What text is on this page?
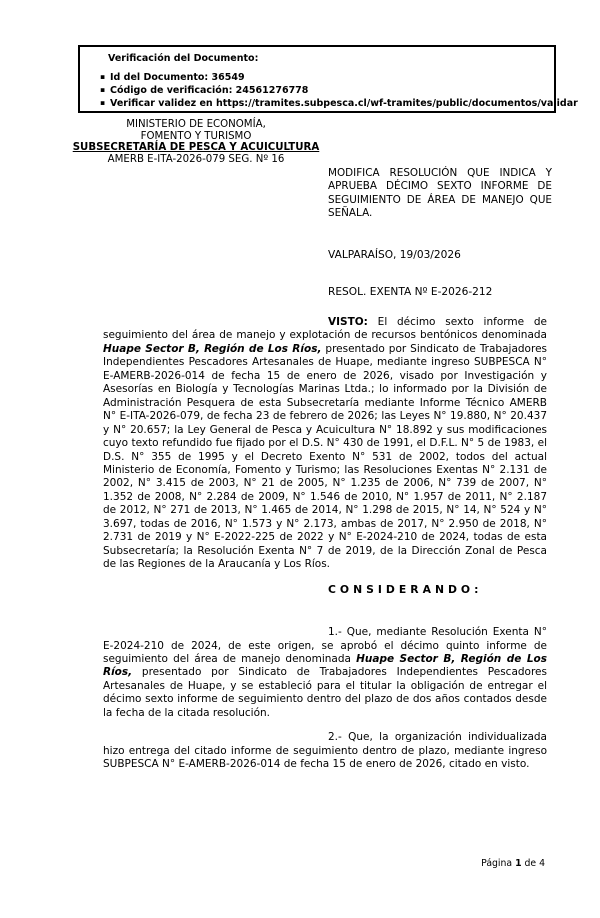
Verificación del Documento:
▪ Id del Documento: 36549
▪ Código de verificación: 24561276778
▪ Verificar validez en https://tramites.subpesca.cl/wf-tramites/public/documentos/validar
MINISTERIO DE ECONOMÍA,
FOMENTO Y TURISMO
SUBSECRETARÍA DE PESCA Y ACUICULTURA
AMERB E-ITA-2026-079 SEG. Nº 16
MODIFICA RESOLUCIÓN QUE INDICA Y APRUEBA DÉCIMO SEXTO INFORME DE SEGUIMIENTO DE ÁREA DE MANEJO QUE SEÑALA.
VALPARAÍSO, 19/03/2026
RESOL. EXENTA Nº E-2026-212

VISTO: El décimo sexto informe de seguimiento del área de manejo y explotación de recursos bentónicos denominada Huape Sector B, Región de Los Ríos, presentado por Sindicato de Trabajadores Independientes Pescadores Artesanales de Huape, mediante ingreso SUBPESCA N° E-AMERB-2026-014 de fecha 15 de enero de 2026, visado por Investigación y Asesorías en Biología y Tecnologías Marinas Ltda.; lo informado por la División de Administración Pesquera de esta Subsecretaría mediante Informe Técnico AMERB N° E-ITA-2026-079, de fecha 23 de febrero de 2026; las Leyes N° 19.880, N° 20.437 y N° 20.657; la Ley General de Pesca y Acuicultura N° 18.892 y sus modificaciones cuyo texto refundido fue fijado por el D.S. N° 430 de 1991, el D.F.L. N° 5 de 1983, el D.S. N° 355 de 1995 y el Decreto Exento N° 531 de 2002, todos del actual Ministerio de Economía, Fomento y Turismo; las Resoluciones Exentas N° 2.131 de 2002, N° 3.415 de 2003, N° 21 de 2005, N° 1.235 de 2006, N° 739 de 2007, N° 1.352 de 2008, N° 2.284 de 2009, N° 1.546 de 2010, N° 1.957 de 2011, N° 2.187 de 2012, N° 271 de 2013, N° 1.465 de 2014, N° 1.298 de 2015, N° 14, N° 524 y N° 3.697, todas de 2016, N° 1.573 y N° 2.173, ambas de 2017, N° 2.950 de 2018, N° 2.731 de 2019 y N° E-2022-225 de 2022 y N° E-2024-210 de 2024, todas de esta Subsecretaría; la Resolución Exenta N° 7 de 2019, de la Dirección Zonal de Pesca de las Regiones de la Araucanía y Los Ríos.

CONSIDERANDO:

1.- Que, mediante Resolución Exenta N° E-2024-210 de 2024, de este origen, se aprobó el décimo quinto informe de seguimiento del área de manejo denominada Huape Sector B, Región de Los Ríos, presentado por Sindicato de Trabajadores Independientes Pescadores Artesanales de Huape, y se estableció para el titular la obligación de entregar el décimo sexto informe de seguimiento dentro del plazo de dos años contados desde la fecha de la citada resolución.

2.- Que, la organización individualizada hizo entrega del citado informe de seguimiento dentro de plazo, mediante ingreso SUBPESCA N° E-AMERB-2026-014 de fecha 15 de enero de 2026, citado en visto.

Página 1 de 4
